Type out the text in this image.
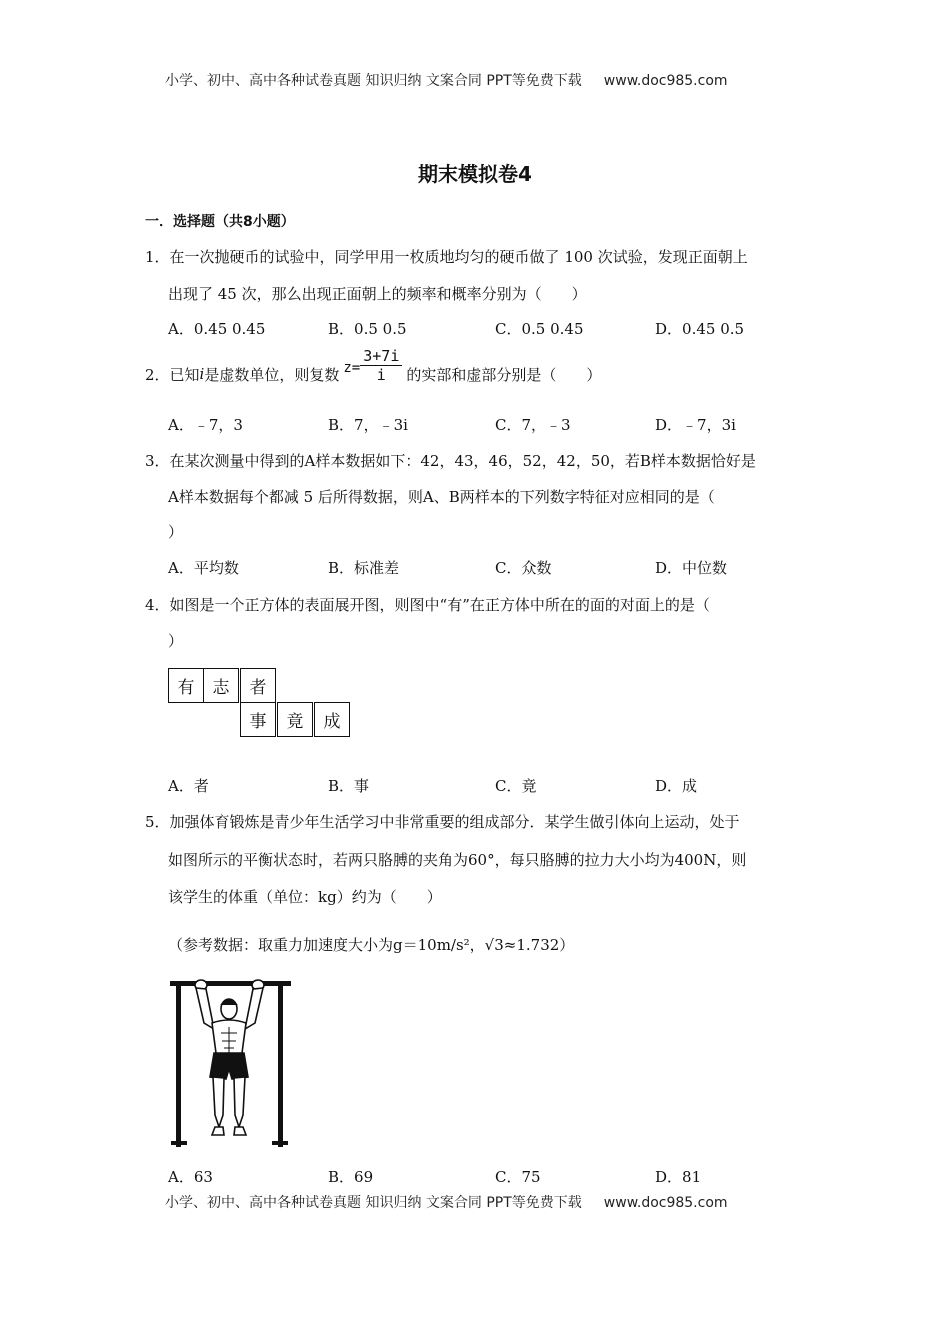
小学、初中、高中各种试卷真题 知识归纳 文案合同 PPT等免费下载 www.doc985.com
期末模拟卷4
一．选择题（共8小题）
1．在一次抛硬币的试验中，同学甲用一枚质地均匀的硬币做了 100 次试验，发现正面朝上
出现了 45 次，那么出现正面朝上的频率和概率分别为（　　）
A．0.45 0.45	B．0.5 0.5	C．0.5 0.45	D．0.45 0.5
2．已知 i 是虚数单位，则复数 $z= \frac{3+7i}{i}$ 的实部和虚部分别是（　　）
A．﹣7，3	B．7，﹣3i	C．7，﹣3	D．﹣7，3i
3．在某次测量中得到的A样本数据如下：42，43，46，52，42，50，若B样本数据恰好是
A样本数据每个都减 5 后所得数据，则A、B两样本的下列数字特征对应相同的是（
）
A．平均数	B．标准差	C．众数	D．中位数
4．如图是一个正方体的表面展开图，则图中“有”在正方体中所在的面的对面上的是（
）
有	志	者
事	竟	成
A．者	B．事	C．竟	D．成
5．加强体育锻炼是青少年生活学习中非常重要的组成部分．某学生做引体向上运动，处于
如图所示的平衡状态时，若两只胳膊的夹角为60°，每只胳膊的拉力大小均为400N，则
该学生的体重（单位：kg）约为（　　）
（参考数据：取重力加速度大小为g＝10m/s²，√3≈1.732）
A．63	B．69	C．75	D．81
小学、初中、高中各种试卷真题 知识归纳 文案合同 PPT等免费下载 www.doc985.com
